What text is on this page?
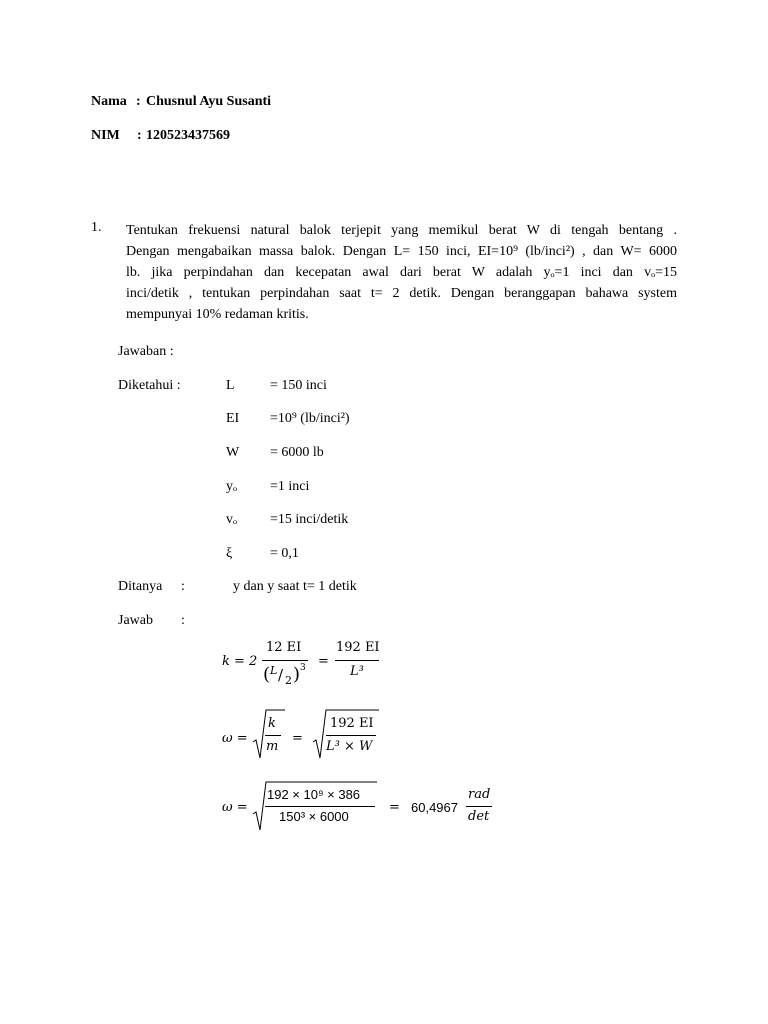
Nama : Chusnul Ayu Susanti
NIM : 120523437569
1. Tentukan frekuensi natural balok terjepit yang memikul berat W di tengah bentang .
Dengan mengabaikan massa balok. Dengan L= 150 inci, EI=10⁹ (lb/inci²) , dan W= 6000
lb. jika perpindahan dan kecepatan awal dari berat W adalah yₒ=1 inci dan vₒ=15
inci/detik , tentukan perpindahan saat t= 2 detik. Dengan beranggapan bahawa system
mempunyai 10% redaman kritis.
Jawaban :
Diketahui :	L	= 150 inci
EI =10⁹ (lb/inci²)
W = 6000 lb
yₒ =1 inci
vₒ =15 inci/detik
ξ	= 0,1
Ditanya :	y dan y saat t= 1 detik
Jawab :
k = 2
12 EI
( L / 2 ) 3 =
192 EI
L³
ω =
k
m
=
192 EI
L³ × W
ω =
192 × 10⁹ × 386
150³ × 6000
= 60,4967
rad
det
